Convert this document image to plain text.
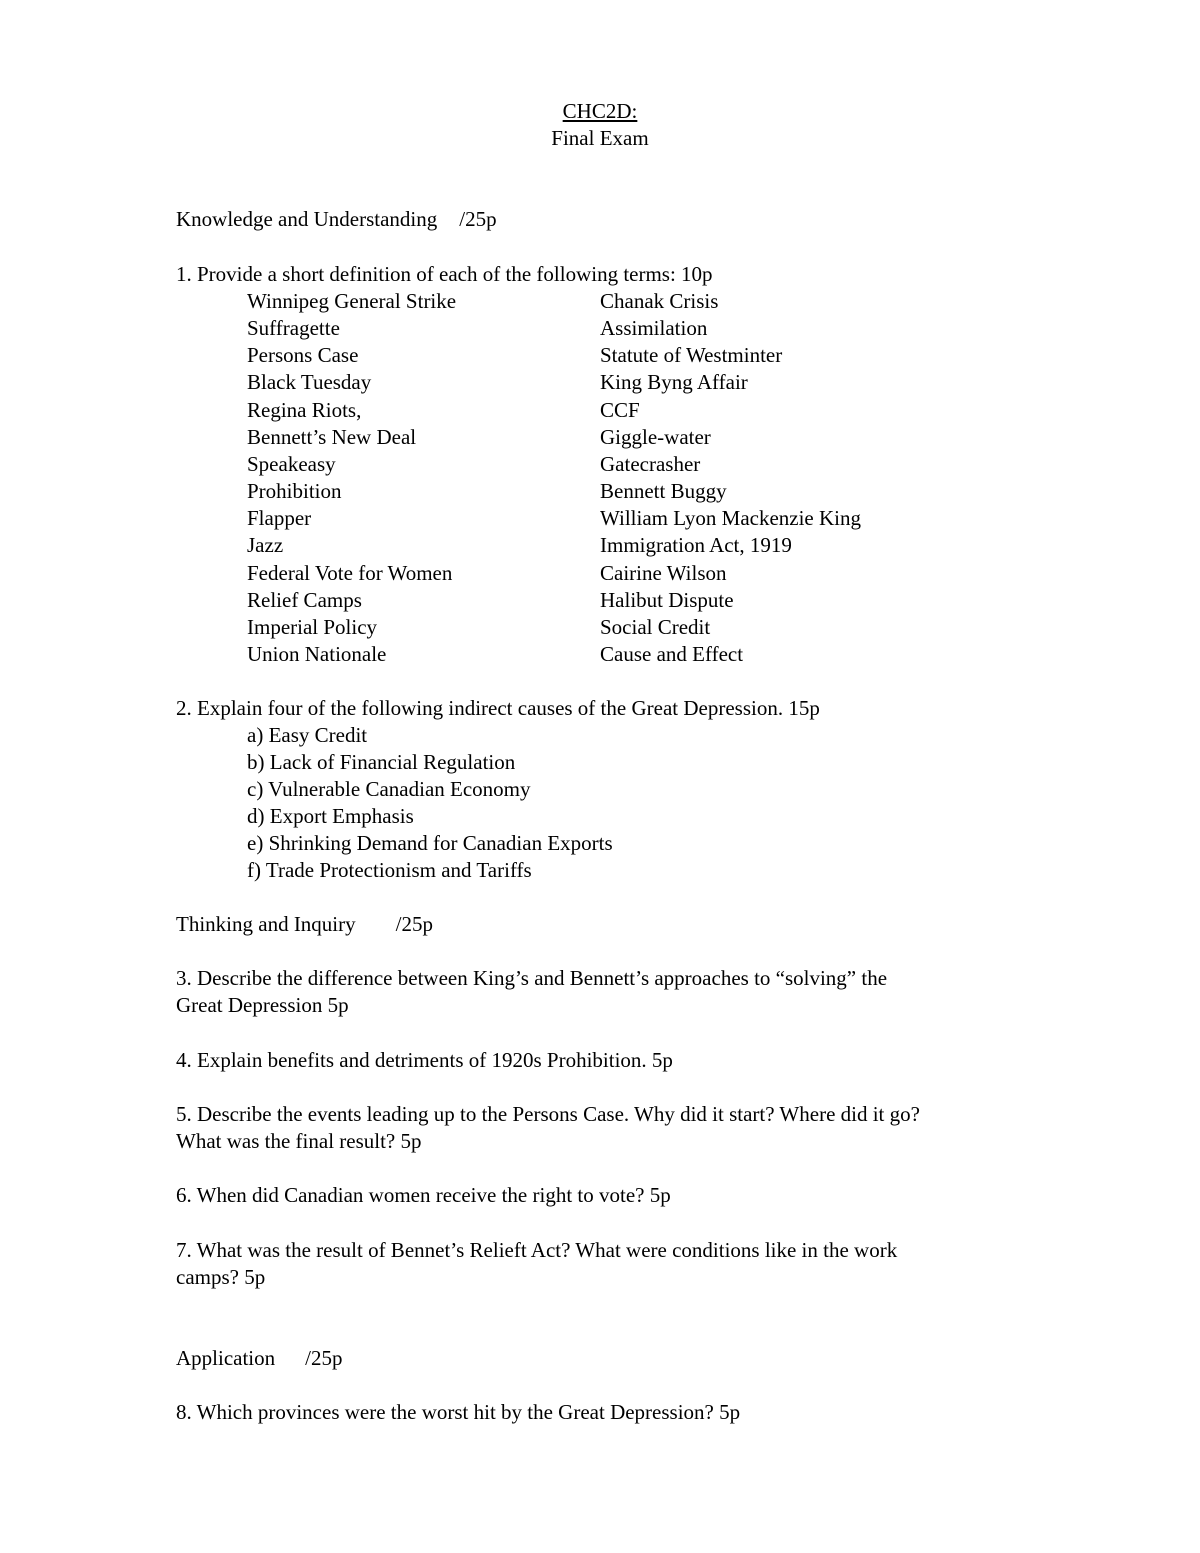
CHC2D:
Final Exam
Knowledge and Understanding /25p
1. Provide a short definition of each of the following terms: 10p
Winnipeg General Strike
Suffragette
Persons Case
Black Tuesday
Regina Riots,
Bennett’s New Deal
Speakeasy
Prohibition
Flapper
Jazz
Federal Vote for Women
Relief Camps
Imperial Policy
Union Nationale
Chanak Crisis
Assimilation
Statute of Westminter
King Byng Affair
CCF
Giggle-water
Gatecrasher
Bennett Buggy
William Lyon Mackenzie King
Immigration Act, 1919
Cairine Wilson
Halibut Dispute
Social Credit
Cause and Effect
2. Explain four of the following indirect causes of the Great Depression. 15p
a) Easy Credit
b) Lack of Financial Regulation
c) Vulnerable Canadian Economy
d) Export Emphasis
e) Shrinking Demand for Canadian Exports
f) Trade Protectionism and Tariffs
Thinking and Inquiry /25p
3. Describe the difference between King’s and Bennett’s approaches to “solving” the
Great Depression 5p
4. Explain benefits and detriments of 1920s Prohibition. 5p
5. Describe the events leading up to the Persons Case. Why did it start? Where did it go?
What was the final result? 5p
6. When did Canadian women receive the right to vote? 5p
7. What was the result of Bennet’s Relieft Act? What were conditions like in the work
camps? 5p
Application /25p
8. Which provinces were the worst hit by the Great Depression? 5p
